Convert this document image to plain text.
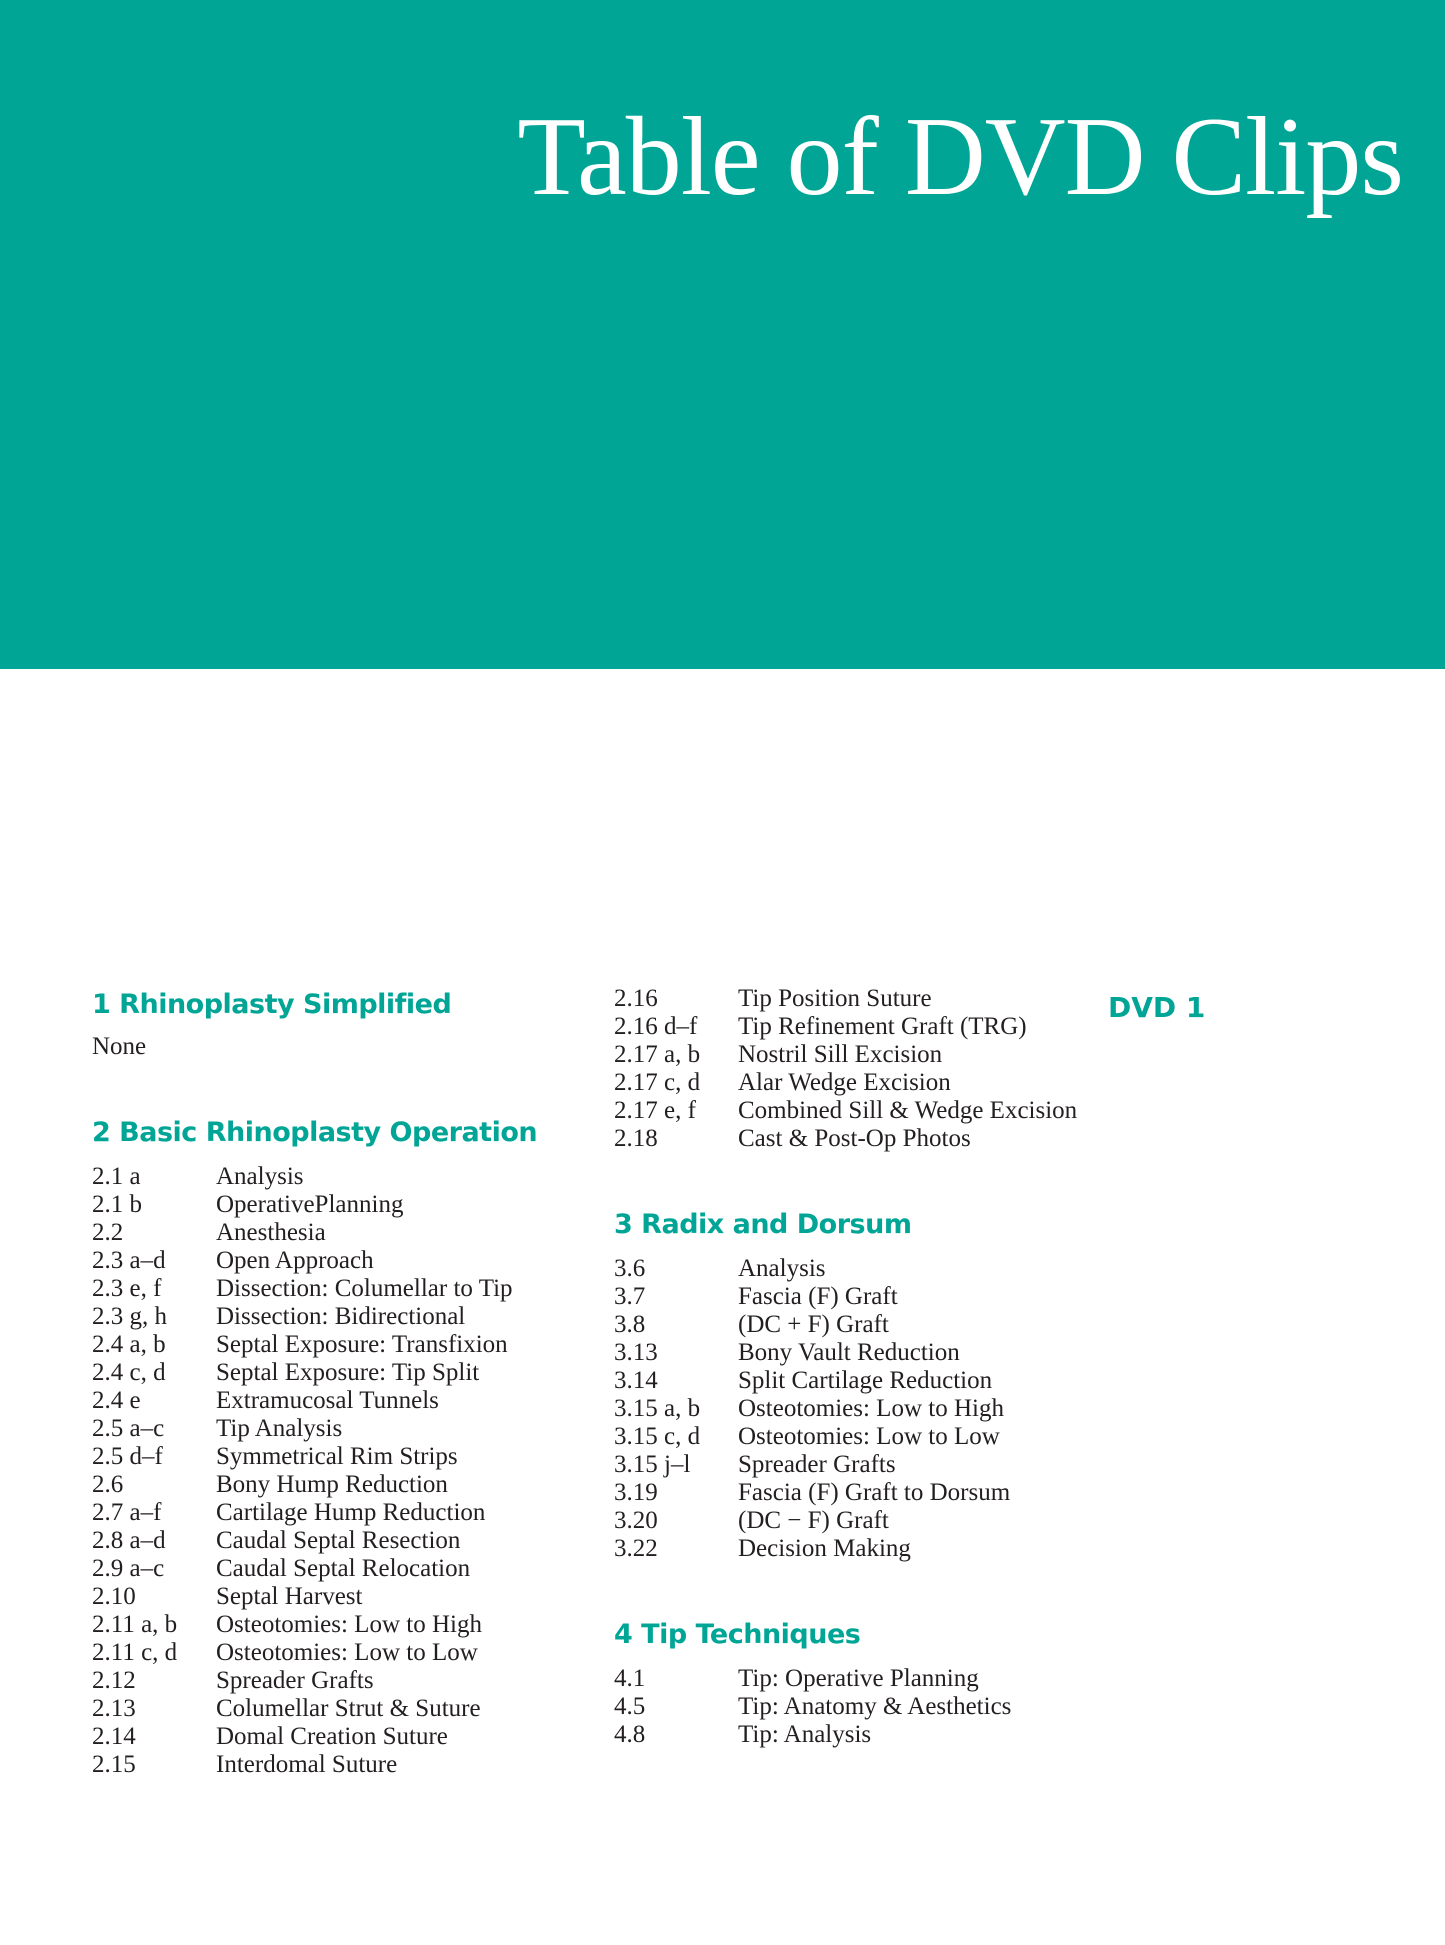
Table of DVD Clips
DVD 1
1 Rhinoplasty Simplified

None

2 Basic Rhinoplasty Operation
2.1 a	Analysis
2.1 b	OperativePlanning
2.2	Anesthesia
2.3 a–d	Open Approach
2.3 e, f	Dissection: Columellar to Tip
2.3 g, h	Dissection: Bidirectional
2.4 a, b	Septal Exposure: Transfixion
2.4 c, d	Septal Exposure: Tip Split
2.4 e	Extramucosal Tunnels
2.5 a–c	Tip Analysis
2.5 d–f	Symmetrical Rim Strips
2.6	Bony Hump Reduction
2.7 a–f	Cartilage Hump Reduction
2.8 a–d	Caudal Septal Resection
2.9 a–c	Caudal Septal Relocation
2.10	Septal Harvest
2.11 a, b	Osteotomies: Low to High
2.11 c, d	Osteotomies: Low to Low
2.12	Spreader Grafts
2.13	Columellar Strut & Suture
2.14	Domal Creation Suture
2.15	Interdomal Suture
2.16	Tip Position Suture
2.16 d–f	Tip Refinement Graft (TRG)
2.17 a, b	Nostril Sill Excision
2.17 c, d	Alar Wedge Excision
2.17 e, f	Combined Sill & Wedge Excision
2.18	Cast & Post-Op Photos
3 Radix and Dorsum
3.6	Analysis
3.7	Fascia (F) Graft
3.8	(DC + F) Graft
3.13	Bony Vault Reduction
3.14	Split Cartilage Reduction
3.15 a, b	Osteotomies: Low to High
3.15 c, d	Osteotomies: Low to Low
3.15 j–l	Spreader Grafts
3.19	Fascia (F) Graft to Dorsum
3.20	(DC − F) Graft
3.22	Decision Making
4 Tip Techniques
4.1	Tip: Operative Planning
4.5	Tip: Anatomy & Aesthetics
4.8	Tip: Analysis
